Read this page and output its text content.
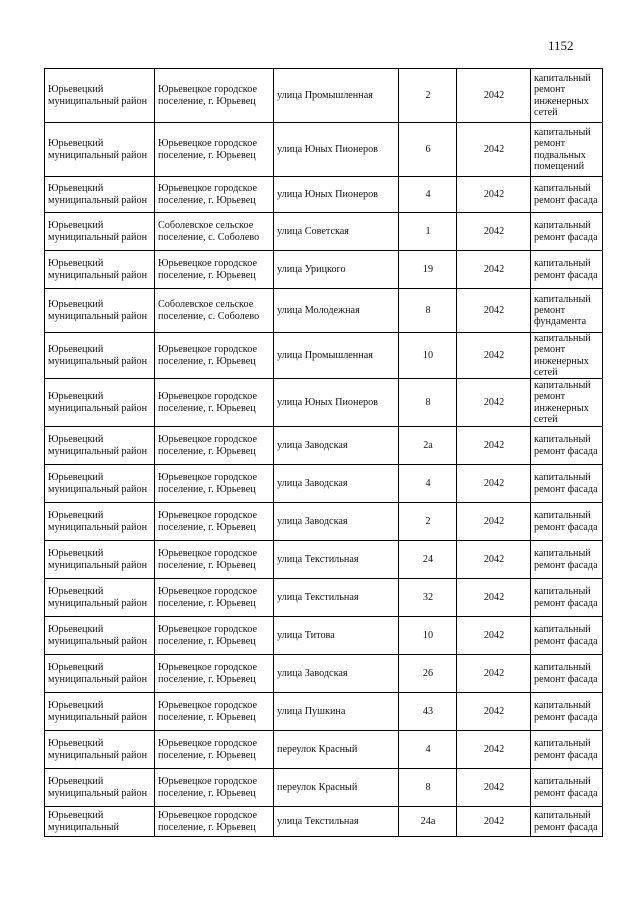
1152
Юрьевецкий муниципальный район	Юрьевецкое городское поселение, г. Юрьевец	улица Промышленная	2	2042	капитальный ремонт инженерных сетей
Юрьевецкий муниципальный район	Юрьевецкое городское поселение, г. Юрьевец	улица Юных Пионеров	6	2042	капитальный ремонт подвальных помещений
Юрьевецкий муниципальный район	Юрьевецкое городское поселение, г. Юрьевец	улица Юных Пионеров	4	2042	капитальный ремонт фасада
Юрьевецкий муниципальный район	Соболевское сельское поселение, с. Соболево	улица Советская	1	2042	капитальный ремонт фасада
Юрьевецкий муниципальный район	Юрьевецкое городское поселение, г. Юрьевец	улица Урицкого	19	2042	капитальный ремонт фасада
Юрьевецкий муниципальный район	Соболевское сельское поселение, с. Соболево	улица Молодежная	8	2042	капитальный ремонт фундамента
Юрьевецкий муниципальный район	Юрьевецкое городское поселение, г. Юрьевец	улица Промышленная	10	2042	капитальный ремонт инженерных сетей
Юрьевецкий муниципальный район	Юрьевецкое городское поселение, г. Юрьевец	улица Юных Пионеров	8	2042	капитальный ремонт инженерных сетей
Юрьевецкий муниципальный район	Юрьевецкое городское поселение, г. Юрьевец	улица Заводская	2а	2042	капитальный ремонт фасада
Юрьевецкий муниципальный район	Юрьевецкое городское поселение, г. Юрьевец	улица Заводская	4	2042	капитальный ремонт фасада
Юрьевецкий муниципальный район	Юрьевецкое городское поселение, г. Юрьевец	улица Заводская	2	2042	капитальный ремонт фасада
Юрьевецкий муниципальный район	Юрьевецкое городское поселение, г. Юрьевец	улица Текстильная	24	2042	капитальный ремонт фасада
Юрьевецкий муниципальный район	Юрьевецкое городское поселение, г. Юрьевец	улица Текстильная	32	2042	капитальный ремонт фасада
Юрьевецкий муниципальный район	Юрьевецкое городское поселение, г. Юрьевец	улица Титова	10	2042	капитальный ремонт фасада
Юрьевецкий муниципальный район	Юрьевецкое городское поселение, г. Юрьевец	улица Заводская	26	2042	капитальный ремонт фасада
Юрьевецкий муниципальный район	Юрьевецкое городское поселение, г. Юрьевец	улица Пушкина	43	2042	капитальный ремонт фасада
Юрьевецкий муниципальный район	Юрьевецкое городское поселение, г. Юрьевец	переулок Красный	4	2042	капитальный ремонт фасада
Юрьевецкий муниципальный район	Юрьевецкое городское поселение, г. Юрьевец	переулок Красный	8	2042	капитальный ремонт фасада
Юрьевецкий муниципальный	Юрьевецкое городское поселение, г. Юрьевец	улица Текстильная	24а	2042	капитальный ремонт фасада
